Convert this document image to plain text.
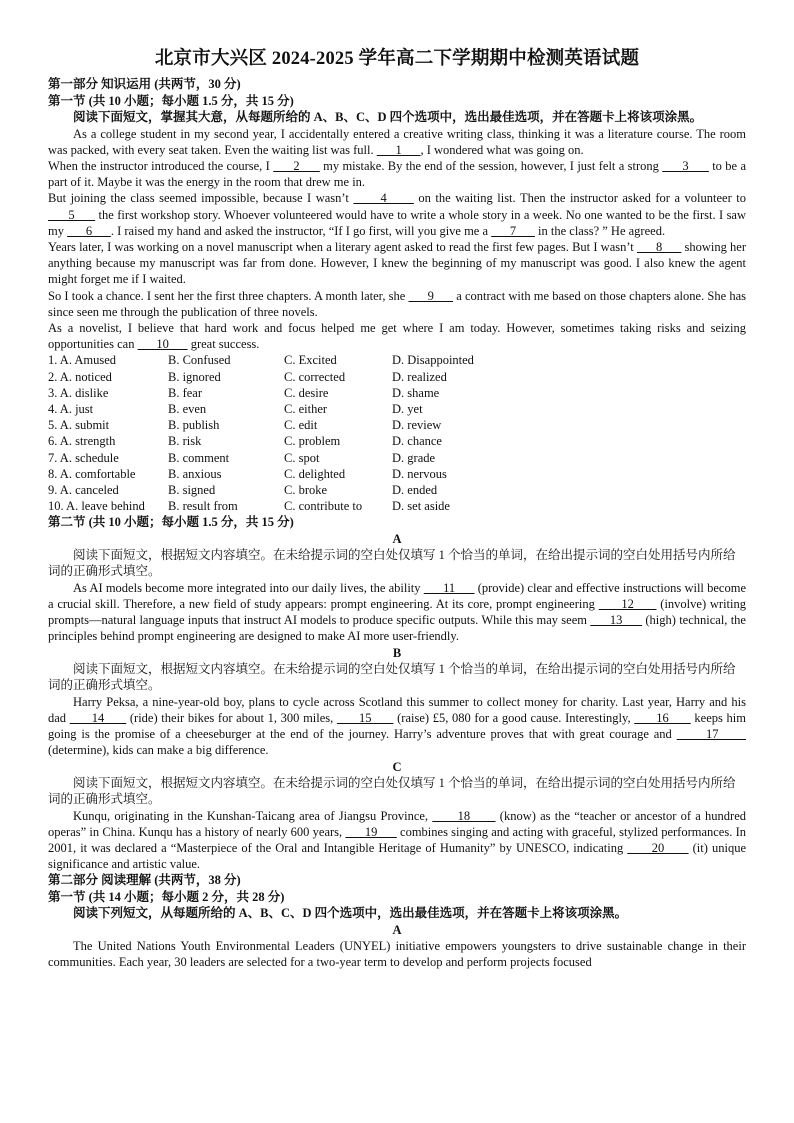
北京市大兴区 2024-2025 学年高二下学期期中检测英语试题

第一部分 知识运用 (共两节，30 分)

第一节 (共 10 小题；每小题 1.5 分，共 15 分)

阅读下面短文，掌握其大意，从每题所给的 A、B、C、D 四个选项中，选出最佳选项，并在答题卡上将该项涂黑。

As a college student in my second year, I accidentally entered a creative writing class, thinking it was a literature course. The room was packed, with every seat taken. Even the waiting list was full.       1      , I wondered what was going on.

When the instructor introduced the course, I       2       my mistake. By the end of the session, however, I just felt a strong       3       to be a part of it. Maybe it was the energy in the room that drew me in.

But joining the class seemed impossible, because I wasn’t       4       on the waiting list. Then the instructor asked for a volunteer to       5       the first workshop story. Whoever volunteered would have to write a whole story in a week. No one wanted to be the first. I saw my       6      . I raised my hand and asked the instructor, “If I go first, will you give me a       7       in the class? ” He agreed.

Years later, I was working on a novel manuscript when a literary agent asked to read the first few pages. But I wasn’t       8       showing her anything because my manuscript was far from done. However, I knew the beginning of my manuscript was good. I also knew the agent might forget me if I waited.

So I took a chance. I sent her the first three chapters. A month later, she       9       a contract with me based on those chapters alone. She has since seen me through the publication of three novels.

As a novelist, I believe that hard work and focus helped me get where I am today. However, sometimes taking risks and seizing opportunities can       10       great success.

1. A. Amused	B. Confused	C. Excited	D. Disappointed
2. A. noticed	B. ignored	C. corrected	D. realized
3. A. dislike	B. fear	C. desire	D. shame
4. A. just	B. even	C. either	D. yet
5. A. submit	B. publish	C. edit	D. review
6. A. strength	B. risk	C. problem	D. chance
7. A. schedule	B. comment	C. spot	D. grade
8. A. comfortable	B. anxious	C. delighted	D. nervous
9. A. canceled	B. signed	C. broke	D. ended
10. A. leave behind	B. result from	C. contribute to	D. set aside

第二节 (共 10 小题；每小题 1.5 分，共 15 分)

A

阅读下面短文，根据短文内容填空。在未给提示词的空白处仅填写 1 个恰当的单词，在给出提示词的空白处用括号内所给词的正确形式填空。

As AI models become more integrated into our daily lives, the ability       11       (provide) clear and effective instructions will become a crucial skill. Therefore, a new field of study appears: prompt engineering. At its core, prompt engineering       12       (involve) writing prompts—natural language inputs that instruct AI models to produce specific outputs. While this may seem       13       (high) technical, the principles behind prompt engineering are designed to make AI more user-friendly.

B

阅读下面短文，根据短文内容填空。在未给提示词的空白处仅填写 1 个恰当的单词，在给出提示词的空白处用括号内所给词的正确形式填空。

Harry Peksa, a nine-year-old boy, plans to cycle across Scotland this summer to collect money for charity. Last year, Harry and his dad       14       (ride) their bikes for about 1, 300 miles,       15       (raise) £5, 080 for a good cause. Interestingly,       16       keeps him going is the promise of a cheeseburger at the end of the journey. Harry’s adventure proves that with great courage and       17       (determine), kids can make a big difference.

C

阅读下面短文，根据短文内容填空。在未给提示词的空白处仅填写 1 个恰当的单词，在给出提示词的空白处用括号内所给词的正确形式填空。

Kunqu, originating in the Kunshan-Taicang area of Jiangsu Province,       18       (know) as the “teacher or ancestor of a hundred operas” in China. Kunqu has a history of nearly 600 years,       19       combines singing and acting with graceful, stylized performances. In 2001, it was declared a “Masterpiece of the Oral and Intangible Heritage of Humanity” by UNESCO, indicating       20       (it) unique significance and artistic value.

第二部分 阅读理解 (共两节，38 分)

第一节 (共 14 小题；每小题 2 分，共 28 分)

阅读下列短文，从每题所给的 A、B、C、D 四个选项中，选出最佳选项，并在答题卡上将该项涂黑。

A

The United Nations Youth Environmental Leaders (UNYEL) initiative empowers youngsters to drive sustainable change in their communities. Each year, 30 leaders are selected for a two-year term to develop and perform projects focused
